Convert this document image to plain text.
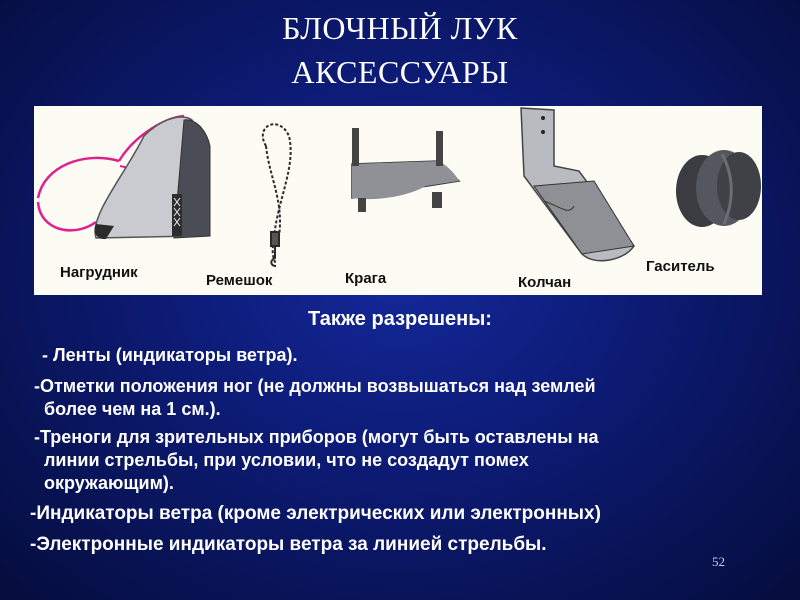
БЛОЧНЫЙ ЛУК
АКСЕССУАРЫ
Нагрудник	Ремешок	Крага	Колчан
Гаситель
Также разрешены:
- Ленты (индикаторы ветра).
-Отметки положения ног (не должны возвышаться над землей
более чем на 1 см.).
-Треноги для зрительных приборов (могут быть оставлены на
линии стрельбы, при условии, что не создадут помех
окружающим).
-Индикаторы ветра (кроме электрических или электронных)
-Электронные индикаторы ветра за линией стрельбы.
52
